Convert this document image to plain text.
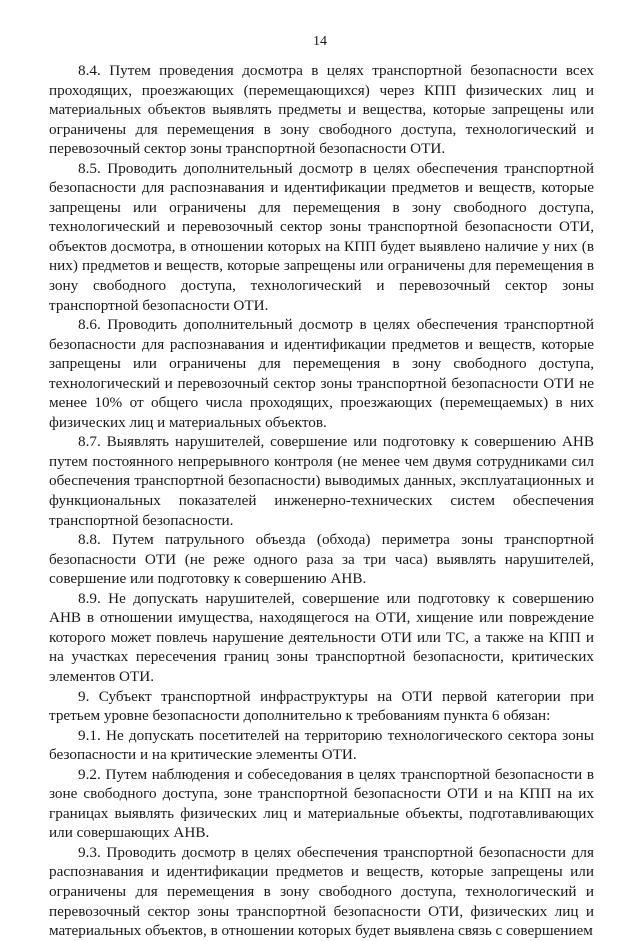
14

8.4. Путем проведения досмотра в целях транспортной безопасности всех проходящих, проезжающих (перемещающихся) через КПП физических лиц и материальных объектов выявлять предметы и вещества, которые запрещены или ограничены для перемещения в зону свободного доступа, технологический и перевозочный сектор зоны транспортной безопасности ОТИ.

8.5. Проводить дополнительный досмотр в целях обеспечения транспортной безопасности для распознавания и идентификации предметов и веществ, которые запрещены или ограничены для перемещения в зону свободного доступа, технологический и перевозочный сектор зоны транспортной безопасности ОТИ, объектов досмотра, в отношении которых на КПП будет выявлено наличие у них (в них) предметов и веществ, которые запрещены или ограничены для перемещения в зону свободного доступа, технологический и перевозочный сектор зоны транспортной безопасности ОТИ.

8.6. Проводить дополнительный досмотр в целях обеспечения транспортной безопасности для распознавания и идентификации предметов и веществ, которые запрещены или ограничены для перемещения в зону свободного доступа, технологический и перевозочный сектор зоны транспортной безопасности ОТИ не менее 10% от общего числа проходящих, проезжающих (перемещаемых) в них физических лиц и материальных объектов.

8.7. Выявлять нарушителей, совершение или подготовку к совершению АНВ путем постоянного непрерывного контроля (не менее чем двумя сотрудниками сил обеспечения транспортной безопасности) выводимых данных, эксплуатационных и функциональных показателей инженерно-технических систем обеспечения транспортной безопасности.

8.8. Путем патрульного объезда (обхода) периметра зоны транспортной безопасности ОТИ (не реже одного раза за три часа) выявлять нарушителей, совершение или подготовку к совершению АНВ.

8.9. Не допускать нарушителей, совершение или подготовку к совершению АНВ в отношении имущества, находящегося на ОТИ, хищение или повреждение которого может повлечь нарушение деятельности ОТИ или ТС, а также на КПП и на участках пересечения границ зоны транспортной безопасности, критических элементов ОТИ.

9. Субъект транспортной инфраструктуры на ОТИ первой категории при третьем уровне безопасности дополнительно к требованиям пункта 6 обязан:

9.1. Не допускать посетителей на территорию технологического сектора зоны безопасности и на критические элементы ОТИ.

9.2. Путем наблюдения и собеседования в целях транспортной безопасности в зоне свободного доступа, зоне транспортной безопасности ОТИ и на КПП на их границах выявлять физических лиц и материальные объекты, подготавливающих или совершающих АНВ.

9.3. Проводить досмотр в целях обеспечения транспортной безопасности для распознавания и идентификации предметов и веществ, которые запрещены или ограничены для перемещения в зону свободного доступа, технологический и перевозочный сектор зоны транспортной безопасности ОТИ, физических лиц и материальных объектов, в отношении которых будет выявлена связь с совершением
